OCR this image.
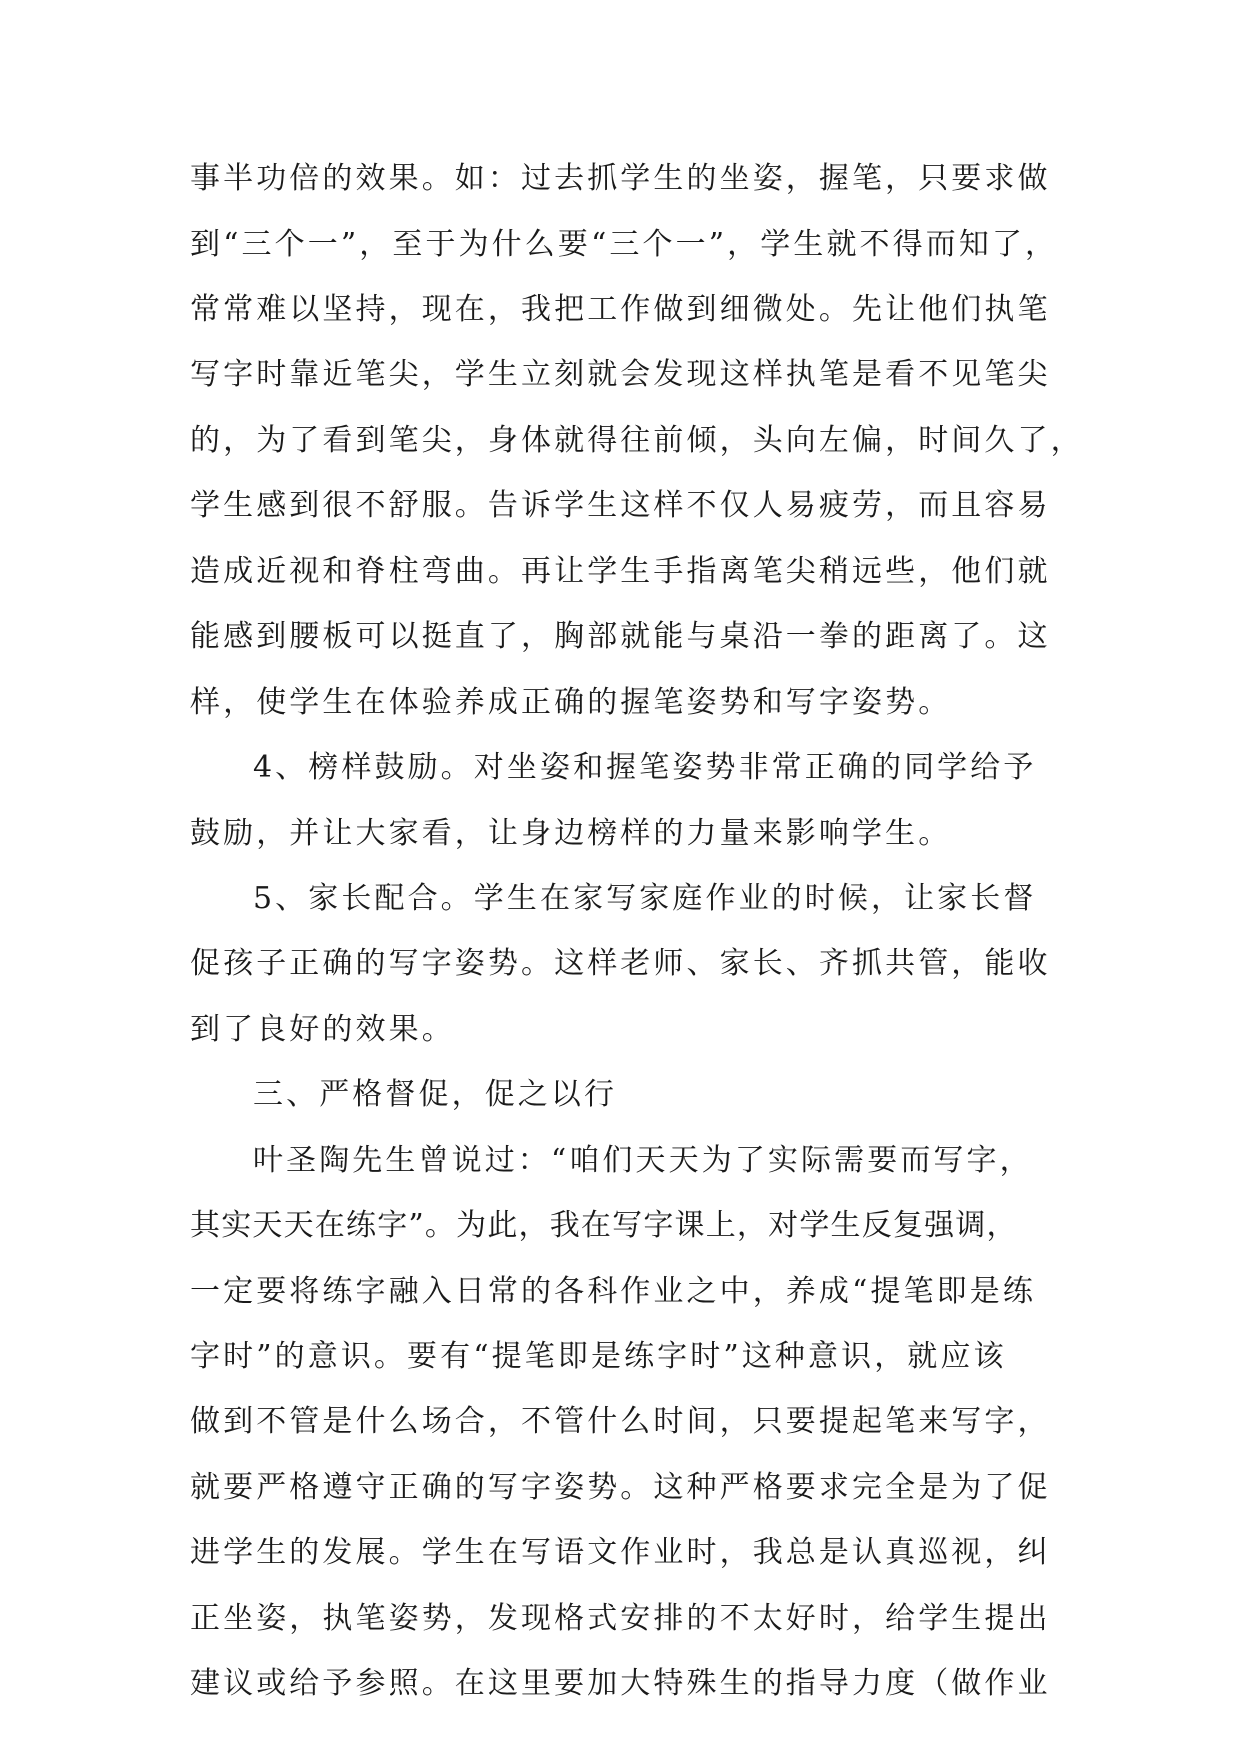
事半功倍的效果。如：过去抓学生的坐姿，握笔，只要求做
到“三个一”，至于为什么要“三个一”，学生就不得而知了，
常常难以坚持，现在，我把工作做到细微处。先让他们执笔
写字时靠近笔尖，学生立刻就会发现这样执笔是看不见笔尖
的，为了看到笔尖，身体就得往前倾，头向左偏，时间久了，
学生感到很不舒服。告诉学生这样不仅人易疲劳，而且容易
造成近视和脊柱弯曲。再让学生手指离笔尖稍远些，他们就
能感到腰板可以挺直了，胸部就能与桌沿一拳的距离了。这
样，使学生在体验养成正确的握笔姿势和写字姿势。
4、榜样鼓励。对坐姿和握笔姿势非常正确的同学给予
鼓励，并让大家看，让身边榜样的力量来影响学生。
5、家长配合。学生在家写家庭作业的时候，让家长督
促孩子正确的写字姿势。这样老师、家长、齐抓共管，能收
到了良好的效果。
三、严格督促，促之以行
叶圣陶先生曾说过：“咱们天天为了实际需要而写字，
其实天天在练字”。为此，我在写字课上，对学生反复强调，
一定要将练字融入日常的各科作业之中，养成“提笔即是练
字时”的意识。要有“提笔即是练字时”这种意识，就应该
做到不管是什么场合，不管什么时间，只要提起笔来写字，
就要严格遵守正确的写字姿势。这种严格要求完全是为了促
进学生的发展。学生在写语文作业时，我总是认真巡视，纠
正坐姿，执笔姿势，发现格式安排的不太好时，给学生提出
建议或给予参照。在这里要加大特殊生的指导力度（做作业
